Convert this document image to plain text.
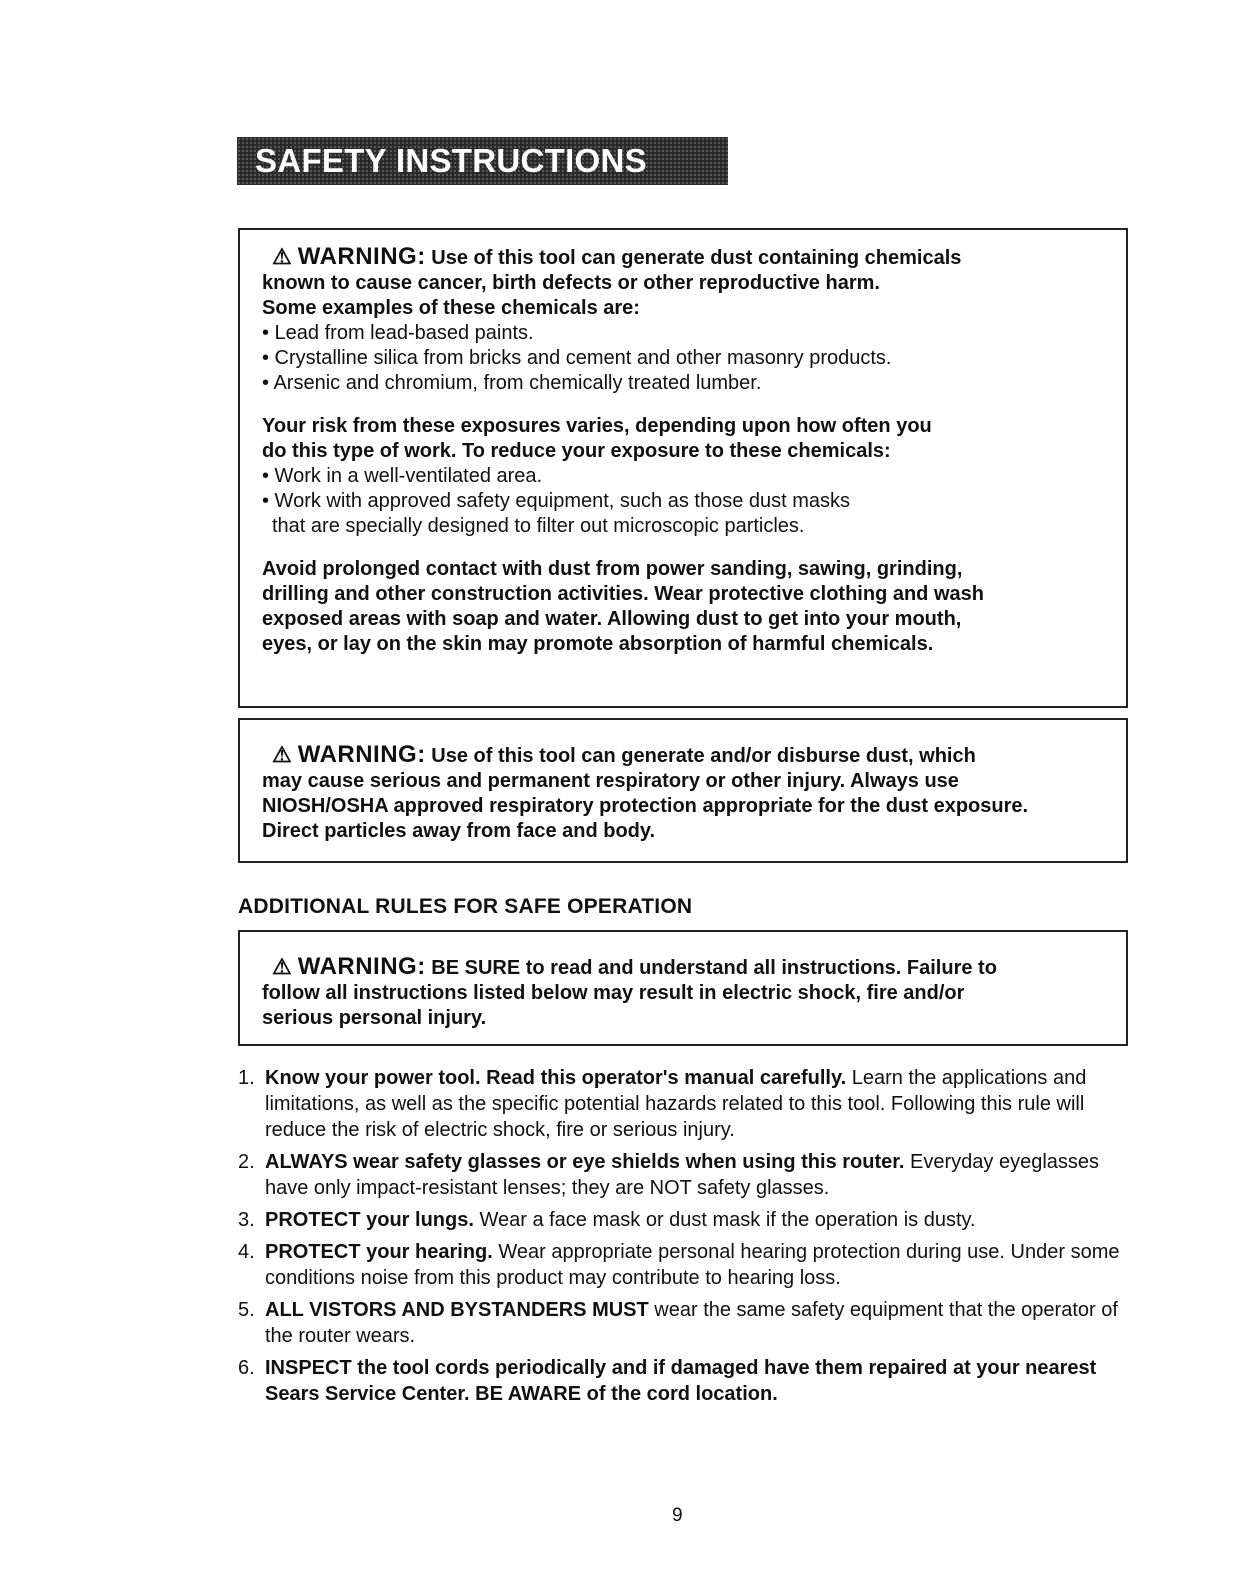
SAFETY INSTRUCTIONS cont.
⚠ WARNING: Use of this tool can generate dust containing chemicals
known to cause cancer, birth defects or other reproductive harm.
Some examples of these chemicals are:
• Lead from lead-based paints.
• Crystalline silica from bricks and cement and other masonry products.
• Arsenic and chromium, from chemically treated lumber.
Your risk from these exposures varies, depending upon how often you
do this type of work. To reduce your exposure to these chemicals:
• Work in a well-ventilated area.
• Work with approved safety equipment, such as those dust masks
that are specially designed to filter out microscopic particles.
Avoid prolonged contact with dust from power sanding, sawing, grinding,
drilling and other construction activities. Wear protective clothing and wash
exposed areas with soap and water. Allowing dust to get into your mouth,
eyes, or lay on the skin may promote absorption of harmful chemicals.
⚠ WARNING: Use of this tool can generate and/or disburse dust, which
may cause serious and permanent respiratory or other injury. Always use
NIOSH/OSHA approved respiratory protection appropriate for the dust exposure.
Direct particles away from face and body.
ADDITIONAL RULES FOR SAFE OPERATION
⚠ WARNING: BE SURE to read and understand all instructions. Failure to
follow all instructions listed below may result in electric shock, fire and/or
serious personal injury.
1. Know your power tool. Read this operator's manual carefully. Learn the applications and limitations, as well as the specific potential hazards related to this tool. Following this rule will reduce the risk of electric shock, fire or serious injury.
2. ALWAYS wear safety glasses or eye shields when using this router. Everyday eyeglasses have only impact-resistant lenses; they are NOT safety glasses.
3. PROTECT your lungs. Wear a face mask or dust mask if the operation is dusty.
4. PROTECT your hearing. Wear appropriate personal hearing protection during use. Under some conditions noise from this product may contribute to hearing loss.
5. ALL VISTORS AND BYSTANDERS MUST wear the same safety equipment that the operator of the router wears.
6. INSPECT the tool cords periodically and if damaged have them repaired at your nearest Sears Service Center. BE AWARE of the cord location.
9
